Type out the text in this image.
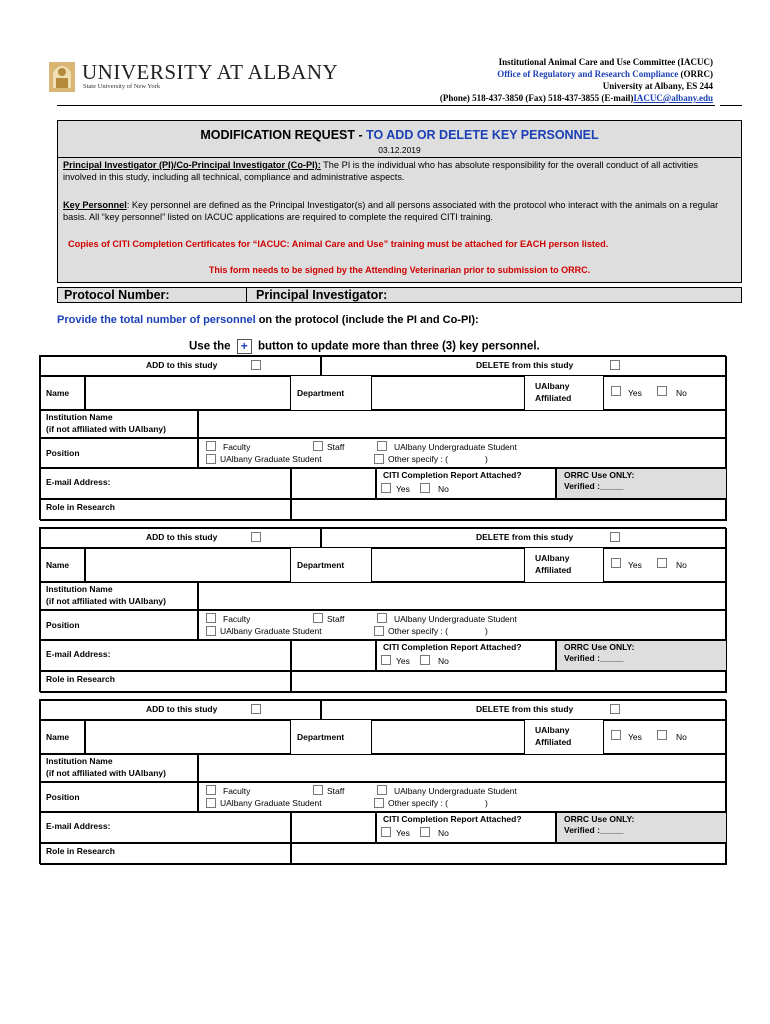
UNIVERSITY AT ALBANY
State University of New York
Institutional Animal Care and Use Committee (IACUC)
Office of Regulatory and Research Compliance (ORRC)
University at Albany, ES 244
(Phone) 518-437-3850 (Fax) 518-437-3855 (E-mail)IACUC@albany.edu
MODIFICATION REQUEST - TO ADD OR DELETE KEY PERSONNEL
03.12.2019
Principal Investigator (PI)/Co-Principal Investigator (Co-PI): The PI is the individual who has absolute responsibility for the overall conduct of all activities involved in this study, including all technical, compliance and administrative aspects.
Key Personnel: Key personnel are defined as the Principal Investigator(s) and all persons associated with the protocol who interact with the animals on a regular basis. All “key personnel” listed on IACUC applications are required to complete the required CITI training.
Copies of CITI Completion Certificates for “IACUC: Animal Care and Use” training must be attached for EACH person listed.
This form needs to be signed by the Attending Veterinarian prior to submission to ORRC.
Protocol Number:	Principal Investigator:
Provide the total number of personnel on the protocol (include the PI and Co-PI):
Use the + button to update more than three (3) key personnel.
ADD to this study	DELETE from this study
Name	Department
UAlbany
Affiliated	Yes	No
Institution Name
(if not affiliated with UAlbany)
Position
Faculty	Staff	UAlbany Undergraduate Student
UAlbany Graduate Student	Other specify : (	)
E-mail Address:
CITI Completion Report Attached?
Yes	No
ORRC Use ONLY:
Verified :_____
Role in Research
ADD to this study	DELETE from this study
Name	Department
UAlbany
Affiliated	Yes	No
Institution Name
(if not affiliated with UAlbany)
Position
Faculty	Staff	UAlbany Undergraduate Student
UAlbany Graduate Student	Other specify : (	)
E-mail Address:
CITI Completion Report Attached?
Yes	No
ORRC Use ONLY:
Verified :_____
Role in Research
ADD to this study	DELETE from this study
Name	Department
UAlbany
Affiliated	Yes	No
Institution Name
(if not affiliated with UAlbany)
Position
Faculty	Staff	UAlbany Undergraduate Student
UAlbany Graduate Student	Other specify : (	)
E-mail Address:
CITI Completion Report Attached?
Yes	No
ORRC Use ONLY:
Verified :_____
Role in Research
